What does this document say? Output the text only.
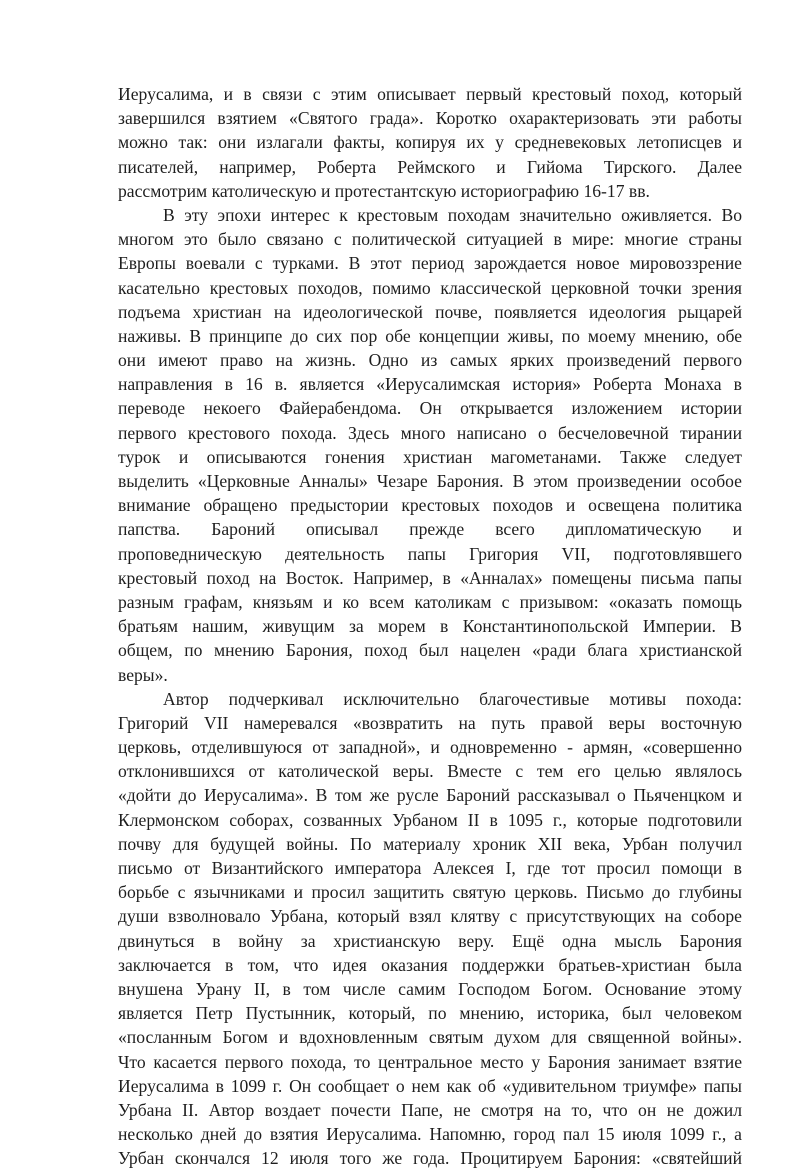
Иерусалима, и в связи с этим описывает первый крестовый поход, который
завершился взятием «Святого града». Коротко охарактеризовать эти работы
можно так: они излагали факты, копируя их у средневековых летописцев и
писателей, например, Роберта Реймского и Гийома Тирского. Далее
рассмотрим католическую и протестантскую историографию 16-17 вв.
В эту эпохи интерес к крестовым походам значительно оживляется. Во
многом это было связано с политической ситуацией в мире: многие страны
Европы воевали с турками. В этот период зарождается новое мировоззрение
касательно крестовых походов, помимо классической церковной точки зрения
подъема христиан на идеологической почве, появляется идеология рыцарей
наживы. В принципе до сих пор обе концепции живы, по моему мнению, обе
они имеют право на жизнь. Одно из самых ярких произведений первого
направления в 16 в. является «Иерусалимская история» Роберта Монаха в
переводе некоего Файерабендома. Он открывается изложением истории
первого крестового похода. Здесь много написано о бесчеловечной тирании
турок и описываются гонения христиан магометанами. Также следует
выделить «Церковные Анналы» Чезаре Барония. В этом произведении особое
внимание обращено предыстории крестовых походов и освещена политика
папства. Бароний описывал прежде всего дипломатическую и
проповедническую деятельность папы Григория VII, подготовлявшего
крестовый поход на Восток. Например, в «Анналах» помещены письма папы
разным графам, князьям и ко всем католикам с призывом: «оказать помощь
братьям нашим, живущим за морем в Константинопольской Империи. В
общем, по мнению Барония, поход был нацелен «ради блага христианской
веры».
Автор подчеркивал исключительно благочестивые мотивы похода:
Григорий VII намеревался «возвратить на путь правой веры восточную
церковь, отделившуюся от западной», и одновременно - армян, «совершенно
отклонившихся от католической веры. Вместе с тем его целью являлось
«дойти до Иерусалима». В том же русле Бароний рассказывал о Пьяченцком и
Клермонском соборах, созванных Урбаном II в 1095 г., которые подготовили
почву для будущей войны. По материалу хроник XII века, Урбан получил
письмо от Византийского императора Алексея I, где тот просил помощи в
борьбе с язычниками и просил защитить святую церковь. Письмо до глубины
души взволновало Урбана, который взял клятву с присутствующих на соборе
двинуться в войну за христианскую веру. Ещё одна мысль Барония
заключается в том, что идея оказания поддержки братьев-христиан была
внушена Урану II, в том числе самим Господом Богом. Основание этому
является Петр Пустынник, который, по мнению, историка, был человеком
«посланным Богом и вдохновленным святым духом для священной войны».
Что касается первого похода, то центральное место у Барония занимает взятие
Иерусалима в 1099 г. Он сообщает о нем как об «удивительном триумфе» папы
Урбана II. Автор воздает почести Папе, не смотря на то, что он не дожил
несколько дней до взятия Иерусалима. Напомню, город пал 15 июля 1099 г., а
Урбан скончался 12 июля того же года. Процитируем Барония: «святейший
